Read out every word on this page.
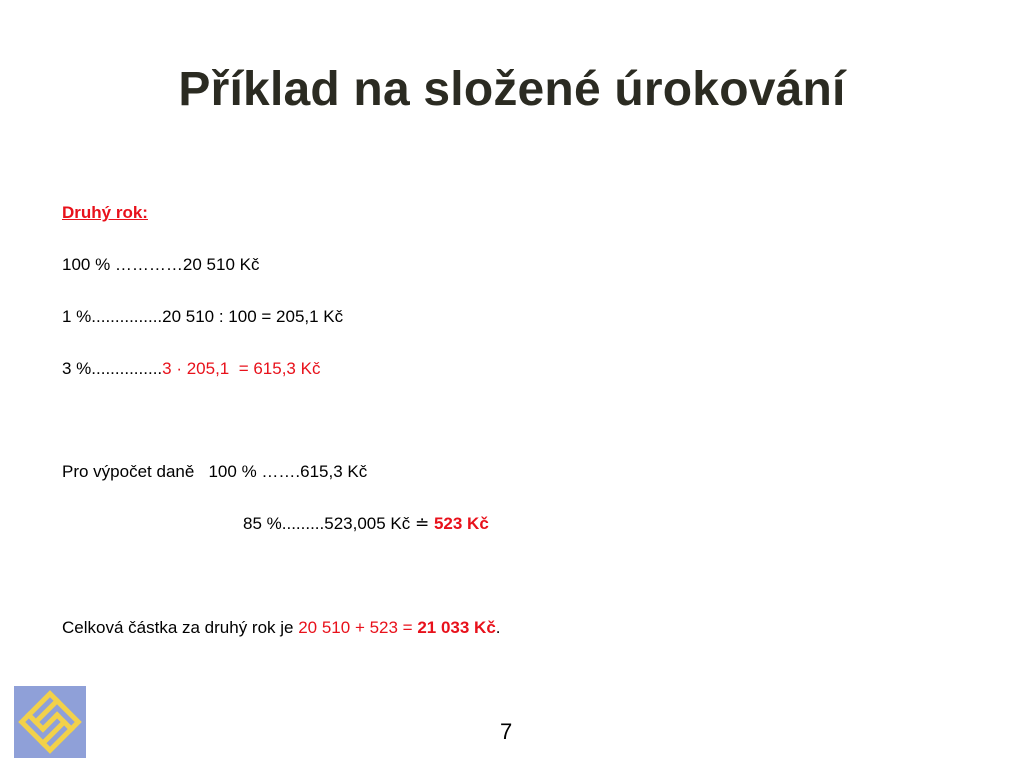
Příklad na složené úrokování
Druhý rok:
100 % …………20 510 Kč
1 %...............20 510 : 100 = 205,1 Kč
3 %...............3 · 205,1  = 615,3 Kč
Pro výpočet daně   100 % …….615,3 Kč
85 %.........523,005 Kč ≐ 523 Kč
Celková částka za druhý rok je 20 510 + 523 = 21 033 Kč.
7
